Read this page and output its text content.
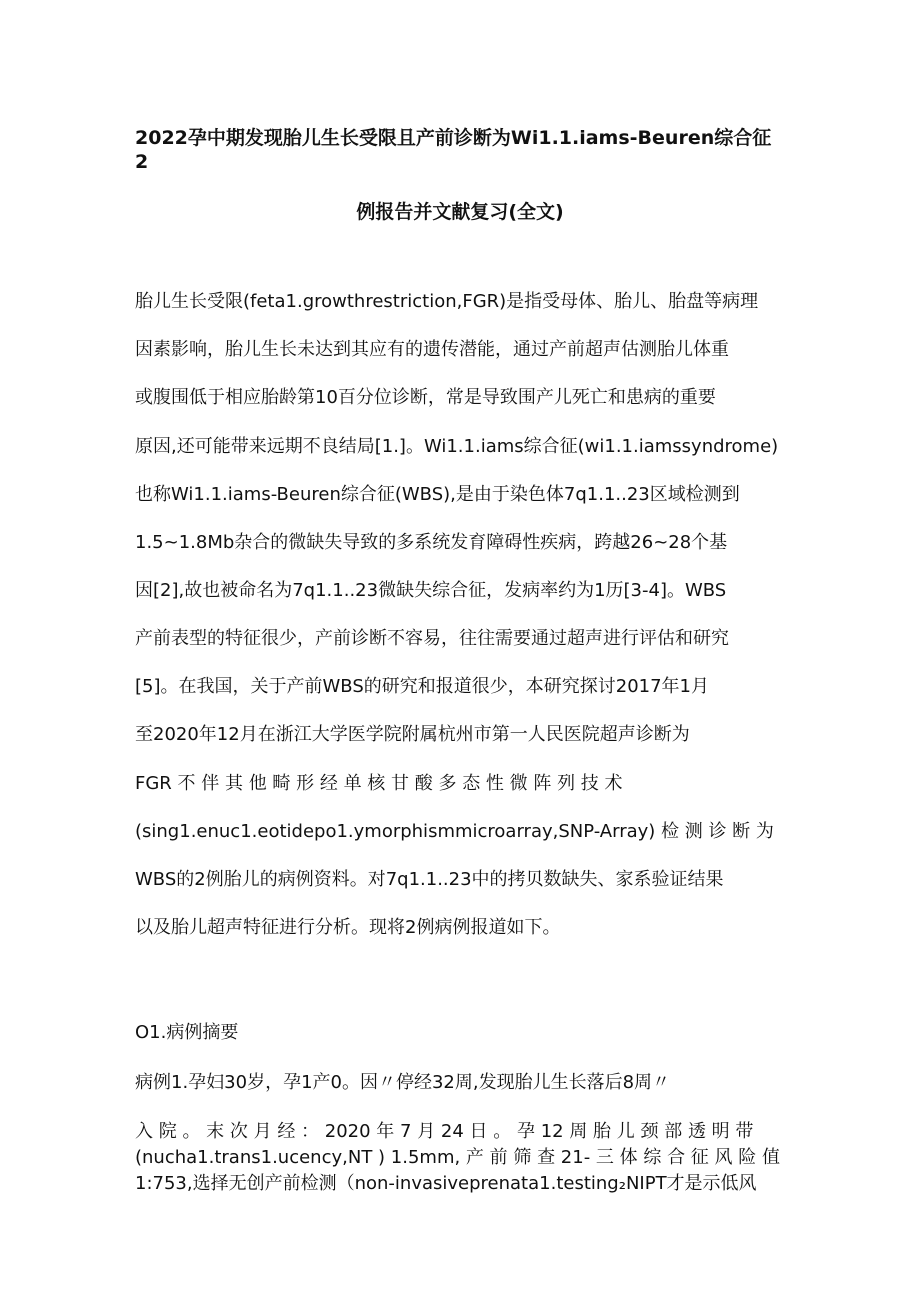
2022孕中期发现胎儿生长受限且产前诊断为Wi1.1.iams-Beuren综合征
2
例报告并文献复习(全文)
胎儿生长受限(feta1.growthrestriction,FGR)是指受母体、胎儿、胎盘等病理
因素影响，胎儿生长未达到其应有的遗传潜能，通过产前超声估测胎儿体重
或腹围低于相应胎龄第10百分位诊断，常是导致围产儿死亡和患病的重要
原因,还可能带来远期不良结局[1.]。Wi1.1.iams综合征(wi1.1.iamssyndrome)
也称Wi1.1.iams-Beuren综合征(WBS),是由于染色体7q1.1..23区域检测到
1.5~1.8Mb杂合的微缺失导致的多系统发育障碍性疾病，跨越26~28个基
因[2],故也被命名为7q1.1..23微缺失综合征，发病率约为1历[3-4]。WBS
产前表型的特征很少，产前诊断不容易，往往需要通过超声进行评估和研究
[5]。在我国，关于产前WBS的研究和报道很少，本研究探讨2017年1月
至2020年12月在浙江大学医学院附属杭州市第一人民医院超声诊断为
FGR 不 伴 其 他 畸 形 经 单 核 甘 酸 多 态 性 微 阵 列 技 术
(sing1.enuc1.eotidepo1.ymorphismmicroarray,SNP-Array) 检 测 诊 断 为
WBS的2例胎儿的病例资料。对7q1.1..23中的拷贝数缺失、家系验证结果
以及胎儿超声特征进行分析。现将2例病例报道如下。
O1.病例摘要
病例1.孕妇30岁，孕1产0。因〃停经32周,发现胎儿生长落后8周〃
入 院 。 末 次 月 经 ： 2020 年 7 月 24 日 。 孕 12 周 胎 儿 颈 部 透 明 带
(nucha1.trans1.ucency,NT ) 1.5mm, 产 前 筛 查 21- 三 体 综 合 征 风 险 值
1:753,选择无创产前检测（non-invasiveprenata1.testing₂NIPT才是示低风
